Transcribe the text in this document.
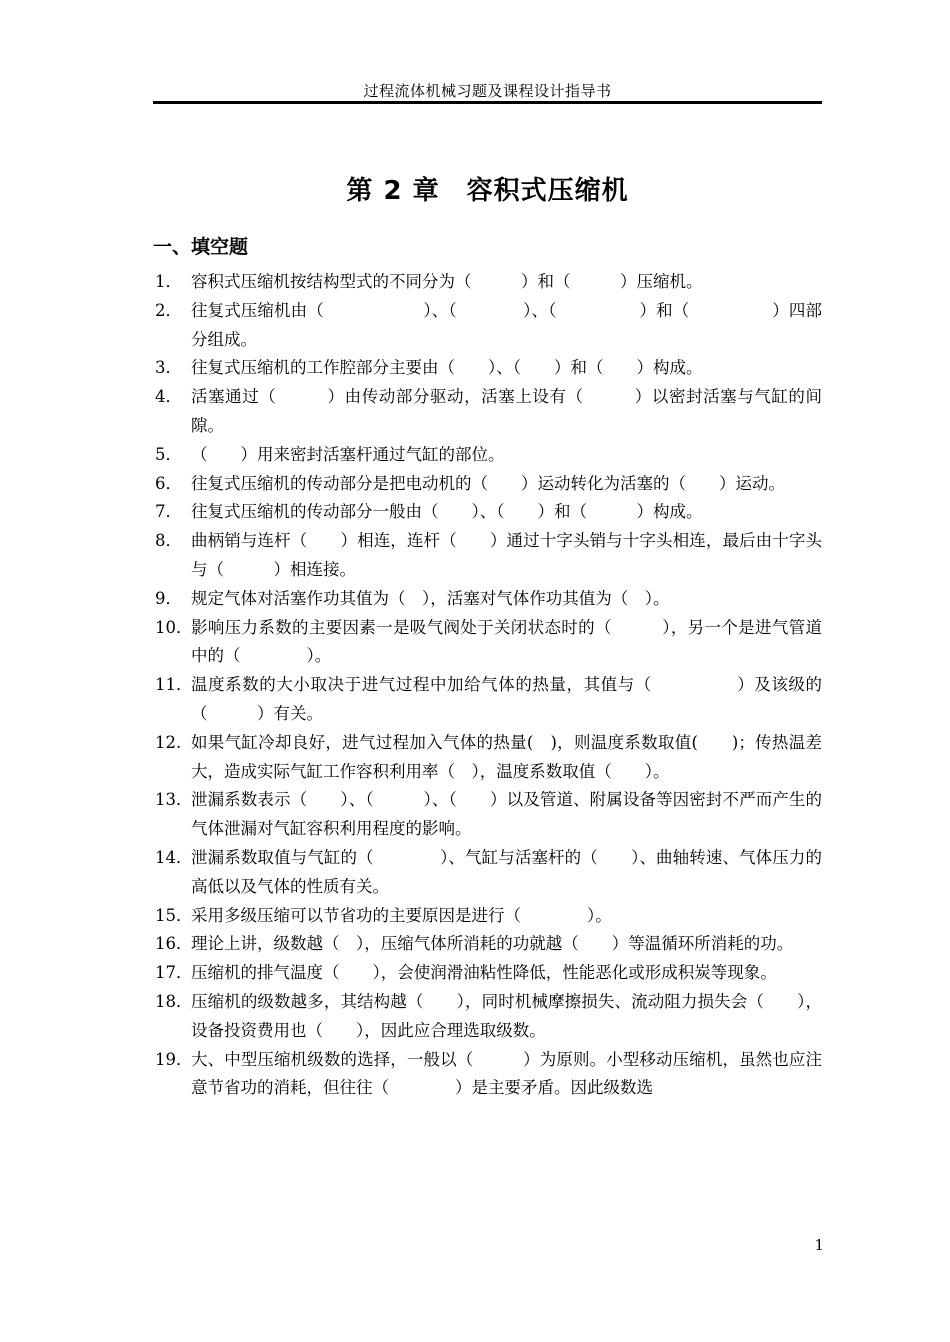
过程流体机械习题及课程设计指导书
第 2 章　容积式压缩机
一、填空题
1． 容积式压缩机按结构型式的不同分为（　　　）和（　　　）压缩机。
2． 往复式压缩机由（　　　　　　）、（　　　　）、（　　　　　）和（　　　　　）四部分组成。
3． 往复式压缩机的工作腔部分主要由（　　）、（　　）和（　　）构成。
4． 活塞通过（　　　）由传动部分驱动，活塞上设有（　　　）以密封活塞与气缸的间隙。
5． （　　）用来密封活塞杆通过气缸的部位。
6． 往复式压缩机的传动部分是把电动机的（　　）运动转化为活塞的（　　）运动。
7． 往复式压缩机的传动部分一般由（　　）、（　　）和（　　　）构成。
8． 曲柄销与连杆（　　）相连，连杆（　　）通过十字头销与十字头相连，最后由十字头与（　　　）相连接。
9． 规定气体对活塞作功其值为（　），活塞对气体作功其值为（　）。
10．
影响压力系数的主要因素一是吸气阀处于关闭状态时的（　　　），另一个是进气管道中的（　　　　）。
11．
温度系数的大小取决于进气过程中加给气体的热量，其值与（　　　　　）及该级的（　　　）有关。
12. 如果气缸冷却良好，进气过程加入气体的热量(　)，则温度系数取值(　　)；传热温差大，造成实际气缸工作容积利用率（　），温度系数取值（　　）。
13．
泄漏系数表示（　　）、（　　　）、（　　）以及管道、附属设备等因密封不严而产生的气体泄漏对气缸容积利用程度的影响。
14．
泄漏系数取值与气缸的（　　　　）、气缸与活塞杆的（　　）、曲轴转速、气体压力的高低以及气体的性质有关。
15．
采用多级压缩可以节省功的主要原因是进行（　　　　）。
16．
理论上讲，级数越（　），压缩气体所消耗的功就越（　　）等温循环所消耗的功。
17．
压缩机的排气温度（　　），会使润滑油粘性降低，性能恶化或形成积炭等现象。
18．
压缩机的级数越多，其结构越（　　），同时机械摩擦损失、流动阻力损失会（　　），设备投资费用也（　　），因此应合理选取级数。
19．
大、中型压缩机级数的选择，一般以（　　　）为原则。小型移动压缩机，虽然也应注意节省功的消耗，但往往（　　　　）是主要矛盾。因此级数选
1
